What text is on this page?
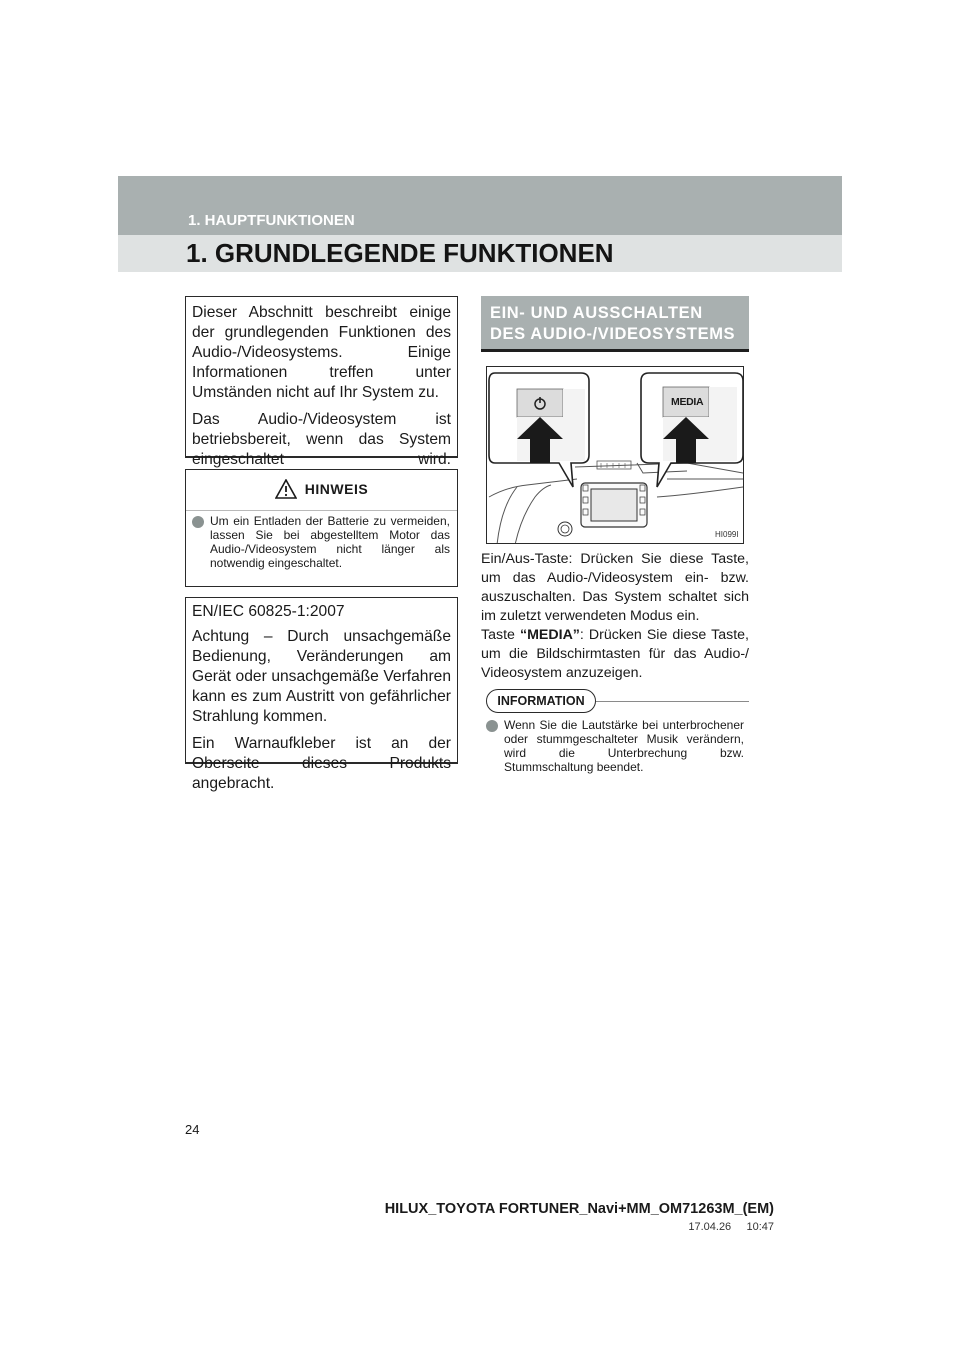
1. HAUPTFUNKTIONEN
1. GRUNDLEGENDE FUNKTIONEN

Dieser Abschnitt beschreibt einige der grundlegenden Funktionen des Audio-/Videosystems. Einige Informationen treffen unter Umständen nicht auf Ihr System zu.

Das Audio-/Videosystem ist betriebsbereit, wenn das System eingeschaltet wird.

HINWEIS
Um ein Entladen der Batterie zu vermeiden, lassen Sie bei abgestelltem Motor das Audio-/Videosystem nicht länger als notwendig eingeschaltet.

EN/IEC 60825-1:2007

Achtung – Durch unsachgemäße Bedienung, Veränderungen am Gerät oder unsachgemäße Verfahren kann es zum Austritt von gefährlicher Strahlung kommen.

Ein Warnaufkleber ist an der Oberseite dieses Produkts angebracht.

EIN- UND AUSSCHALTEN
DES AUDIO-/VIDEOSYSTEMS
MEDIA
HI099I

Ein/Aus-Taste: Drücken Sie diese Taste, um das Audio-/Videosystem ein- bzw. auszuschalten. Das System schaltet sich im zuletzt verwendeten Modus ein.

Taste “MEDIA”: Drücken Sie diese Taste, um die Bildschirmtasten für das Audio-/ Videosystem anzuzeigen.

INFORMATION
Wenn Sie die Lautstärke bei unterbrochener oder stummgeschalteter Musik verändern, wird die Unterbrechung bzw. Stummschaltung beendet.
24
HILUX_TOYOTA FORTUNER_Navi+MM_OM71263M_(EM)
17.04.26     10:47
